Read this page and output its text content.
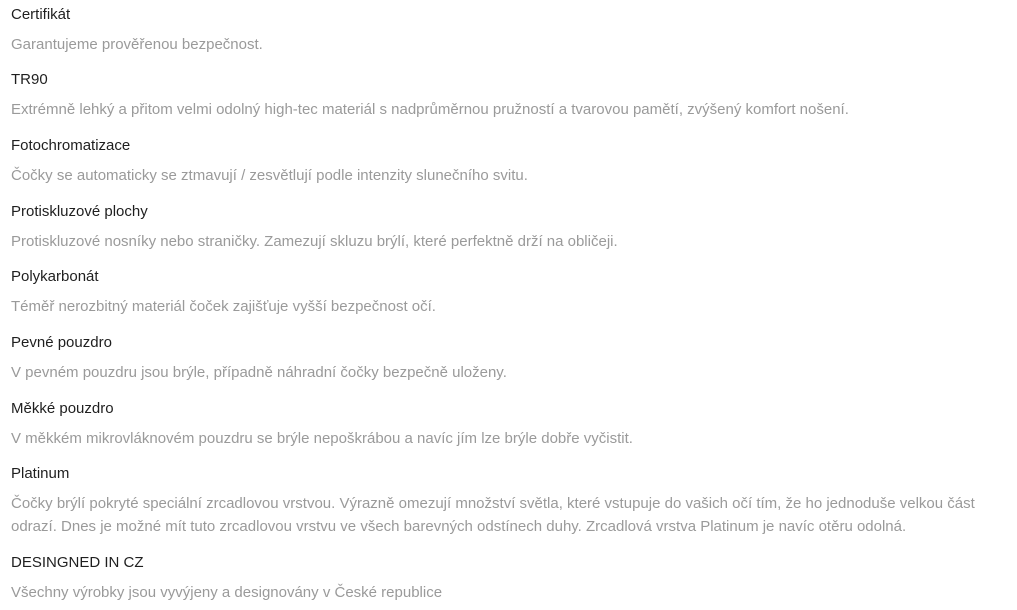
Certifikát
Garantujeme prověřenou bezpečnost.
TR90
Extrémně lehký a přitom velmi odolný high-tec materiál s nadprůměrnou pružností a tvarovou pamětí, zvýšený komfort nošení.
Fotochromatizace
Čočky se automaticky se ztmavují / zesvětlují podle intenzity slunečního svitu.
Protiskluzové plochy
Protiskluzové nosníky nebo straničky. Zamezují skluzu brýlí, které perfektně drží na obličeji.
Polykarbonát
Téměř nerozbitný materiál čoček zajišťuje vyšší bezpečnost očí.
Pevné pouzdro
V pevném pouzdru jsou brýle, případně náhradní čočky bezpečně uloženy.
Měkké pouzdro
V měkkém mikrovláknovém pouzdru se brýle nepoškrábou a navíc jím lze brýle dobře vyčistit.
Platinum
Čočky brýlí pokryté speciální zrcadlovou vrstvou. Výrazně omezují množství světla, které vstupuje do vašich očí tím, že ho jednoduše velkou část odrazí. Dnes je možné mít tuto zrcadlovou vrstvu ve všech barevných odstínech duhy. Zrcadlová vrstva Platinum je navíc otěru odolná.
DESINGNED IN CZ
Všechny výrobky jsou vyvýjeny a designovány v České republice
